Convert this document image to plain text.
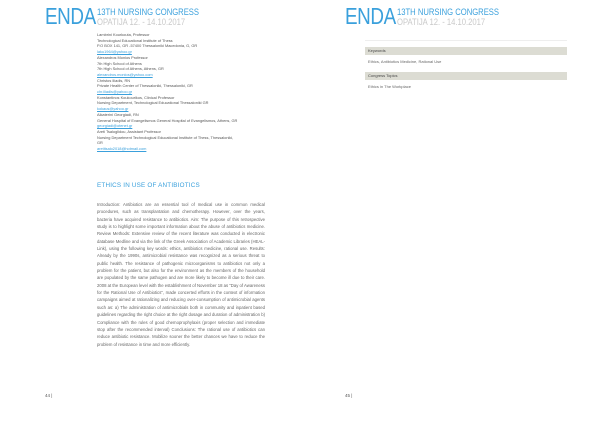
ENDA 13TH NURSING CONGRESS
OPATIJA 12. - 14.10.2017
Lambrini Kourkouta, Professor
Technological Educational Institute of Thess
P.O BOX 141, GR -57400 Thessaloniki Macedonia, G, GR
laku1964@yahoo.gr
Alexandros Monios Professor
7th High School of Athens
7th High School of Athens, Athens, GR
alexandros.monios@yahoo.com
Christos Iliadis, RN
Private Health Center of Thessaloniki, Thessaloniki, GR
chr.iliadis@yahoo.gr
Konstantinos Koukourikos, Clinical Professor
Nursing Department, Technological Educational Thessaloniki GR
kokaus@yahoo.gr
Aikaterini Georgiadi, RN
General Hospital of Evangelismos General Hospital of Evangelismos, Athens, GR
georgiadi@otenet.gr
Areti Tsaloglidou, Assistant Professor
Nursing Department Technological Educational Institute of Thess, Thessaloniki,
GR
aretitsalo2018@hotmail.com
ETHICS IN USE OF ANTIBIOTICS
Introduction: Antibiotics are an essential tool of medical use in common medical procedures, such as transplantation and chemotherapy. However, over the years, bacteria have acquired resistance to antibiotics. Aim: The purpose of this retrospective study is to highlight some important information about the abuse of antibiotics medicine. Review Methods: Extensive review of the recent literature was conducted in electronic database Medline and via the link of the Greek Association of Academic Libraries (HEAL-Link), using the following key words: ethics, antibiotics medicine, rational use. Results: Already by the 1990s, antimicrobial resistance was recognized as a serious threat to public health. The resistance of pathogenic microorganisms to antibiotics not only a problem for the patient, but also for the environment as the members of the household are populated by the same pathogen and are more likely to become ill due to their care. 2008 at the European level with the establishment of November 18 as "Day of Awareness for the Rational Use of Antibiotics", made concerted efforts in the context of information campaigns aimed at rationalizing and reducing over-consumption of antimicrobial agents such as: a) The administration of antimicrobials both in community and inpatient based guidelines regarding the right choice at the right dosage and duration of administration b) Compliance with the rules of good chemoprophylaxis (proper selection and immediate stop after the recommended interval) Conclusions: The rational use of antibiotics can reduce antibiotic resistance. Mobilize sooner the better chances we have to reduce the problem of resistance in time and more efficiently.
44 |
ENDA 13TH NURSING CONGRESS
OPATIJA 12. - 14.10.2017
Keywords
Ethics, Antibiotics Medicine, Rational Use
Congress Topics
Ethics in The Workplace
45 |
